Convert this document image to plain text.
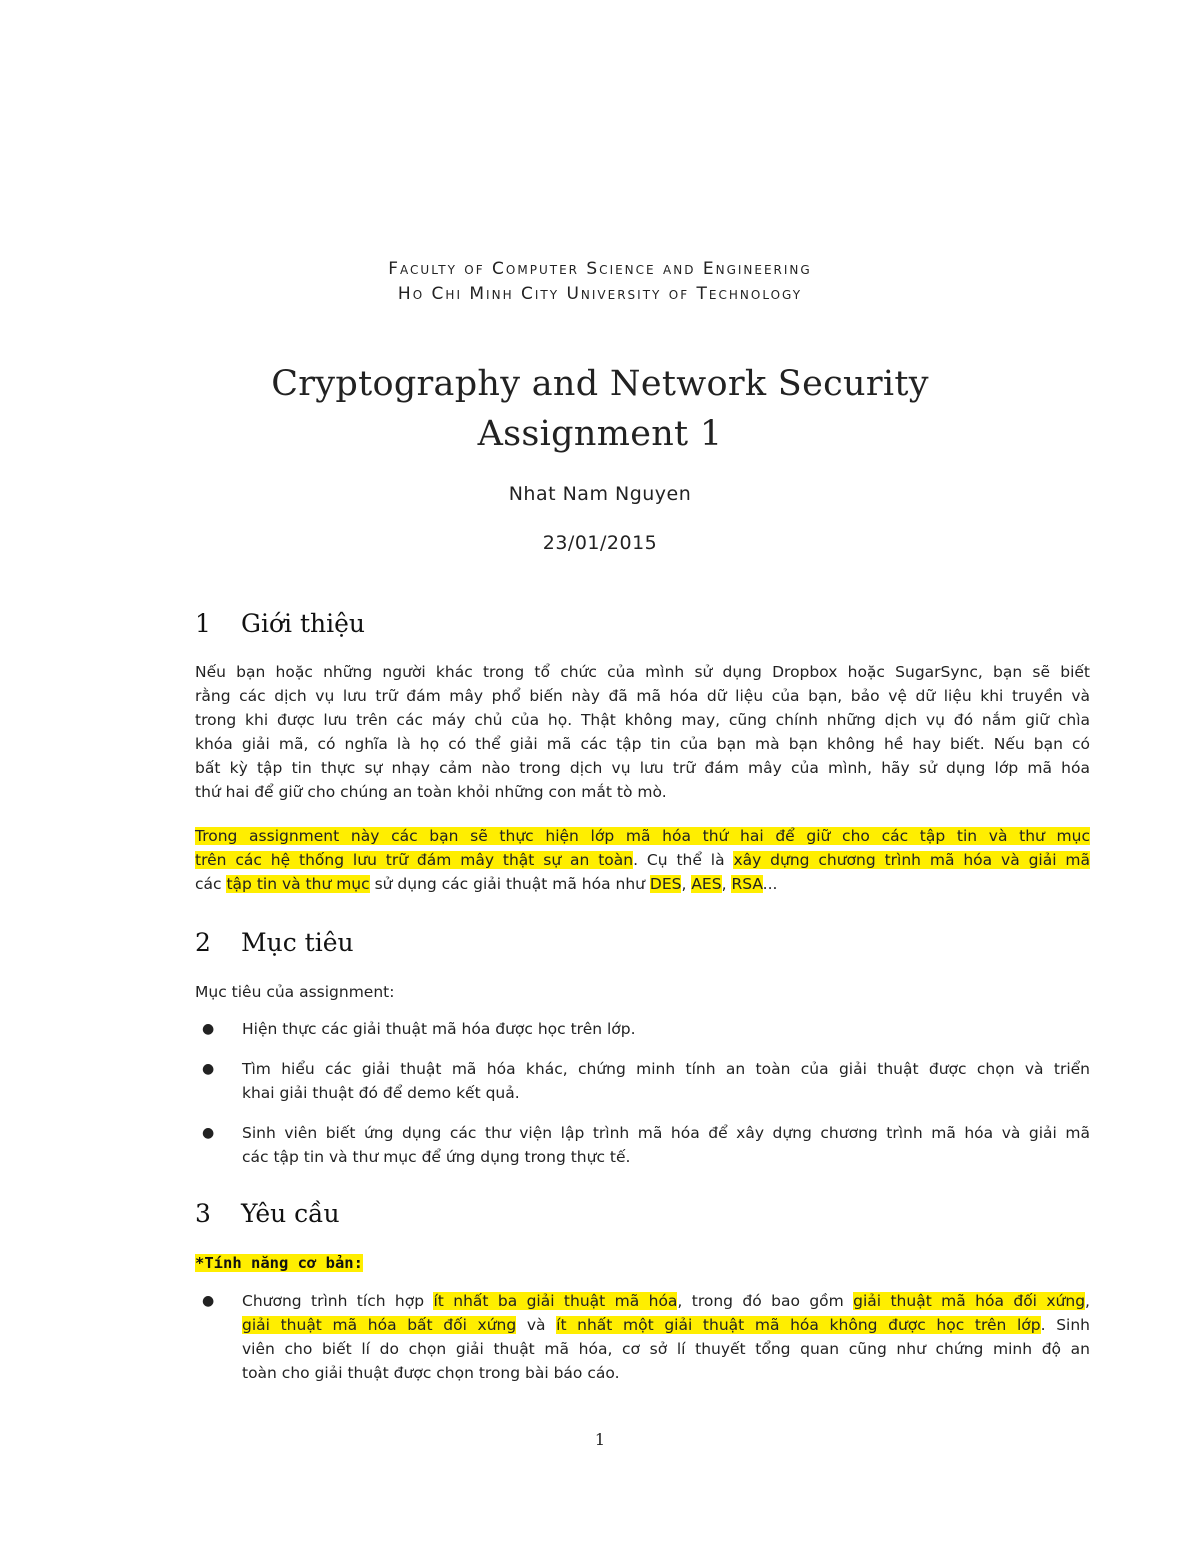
Faculty of Computer Science and Engineering
Ho Chi Minh City University of Technology
Cryptography and Network Security
Assignment 1
Nhat Nam Nguyen
23/01/2015
1 Giới thiệu
Nếu bạn hoặc những người khác trong tổ chức của mình sử dụng Dropbox hoặc SugarSync, bạn sẽ biết
rằng các dịch vụ lưu trữ đám mây phổ biến này đã mã hóa dữ liệu của bạn, bảo vệ dữ liệu khi truyền và
trong khi được lưu trên các máy chủ của họ. Thật không may, cũng chính những dịch vụ đó nắm giữ chìa
khóa giải mã, có nghĩa là họ có thể giải mã các tập tin của bạn mà bạn không hề hay biết. Nếu bạn có
bất kỳ tập tin thực sự nhạy cảm nào trong dịch vụ lưu trữ đám mây của mình, hãy sử dụng lớp mã hóa
thứ hai để giữ cho chúng an toàn khỏi những con mắt tò mò.
Trong assignment này các bạn sẽ thực hiện lớp mã hóa thứ hai để giữ cho các tập tin và thư mục
trên các hệ thống lưu trữ đám mây thật sự an toàn. Cụ thể là xây dựng chương trình mã hóa và giải mã
các tập tin và thư mục sử dụng các giải thuật mã hóa như DES, AES, RSA...
2 Mục tiêu
Mục tiêu của assignment:
● Hiện thực các giải thuật mã hóa được học trên lớp.
● Tìm hiểu các giải thuật mã hóa khác, chứng minh tính an toàn của giải thuật được chọn và triển
khai giải thuật đó để demo kết quả.
● Sinh viên biết ứng dụng các thư viện lập trình mã hóa để xây dựng chương trình mã hóa và giải mã
các tập tin và thư mục để ứng dụng trong thực tế.
3 Yêu cầu
*Tính năng cơ bản:
● Chương trình tích hợp ít nhất ba giải thuật mã hóa, trong đó bao gồm giải thuật mã hóa đối xứng,
giải thuật mã hóa bất đối xứng và ít nhất một giải thuật mã hóa không được học trên lớp. Sinh
viên cho biết lí do chọn giải thuật mã hóa, cơ sở lí thuyết tổng quan cũng như chứng minh độ an
toàn cho giải thuật được chọn trong bài báo cáo.
1
